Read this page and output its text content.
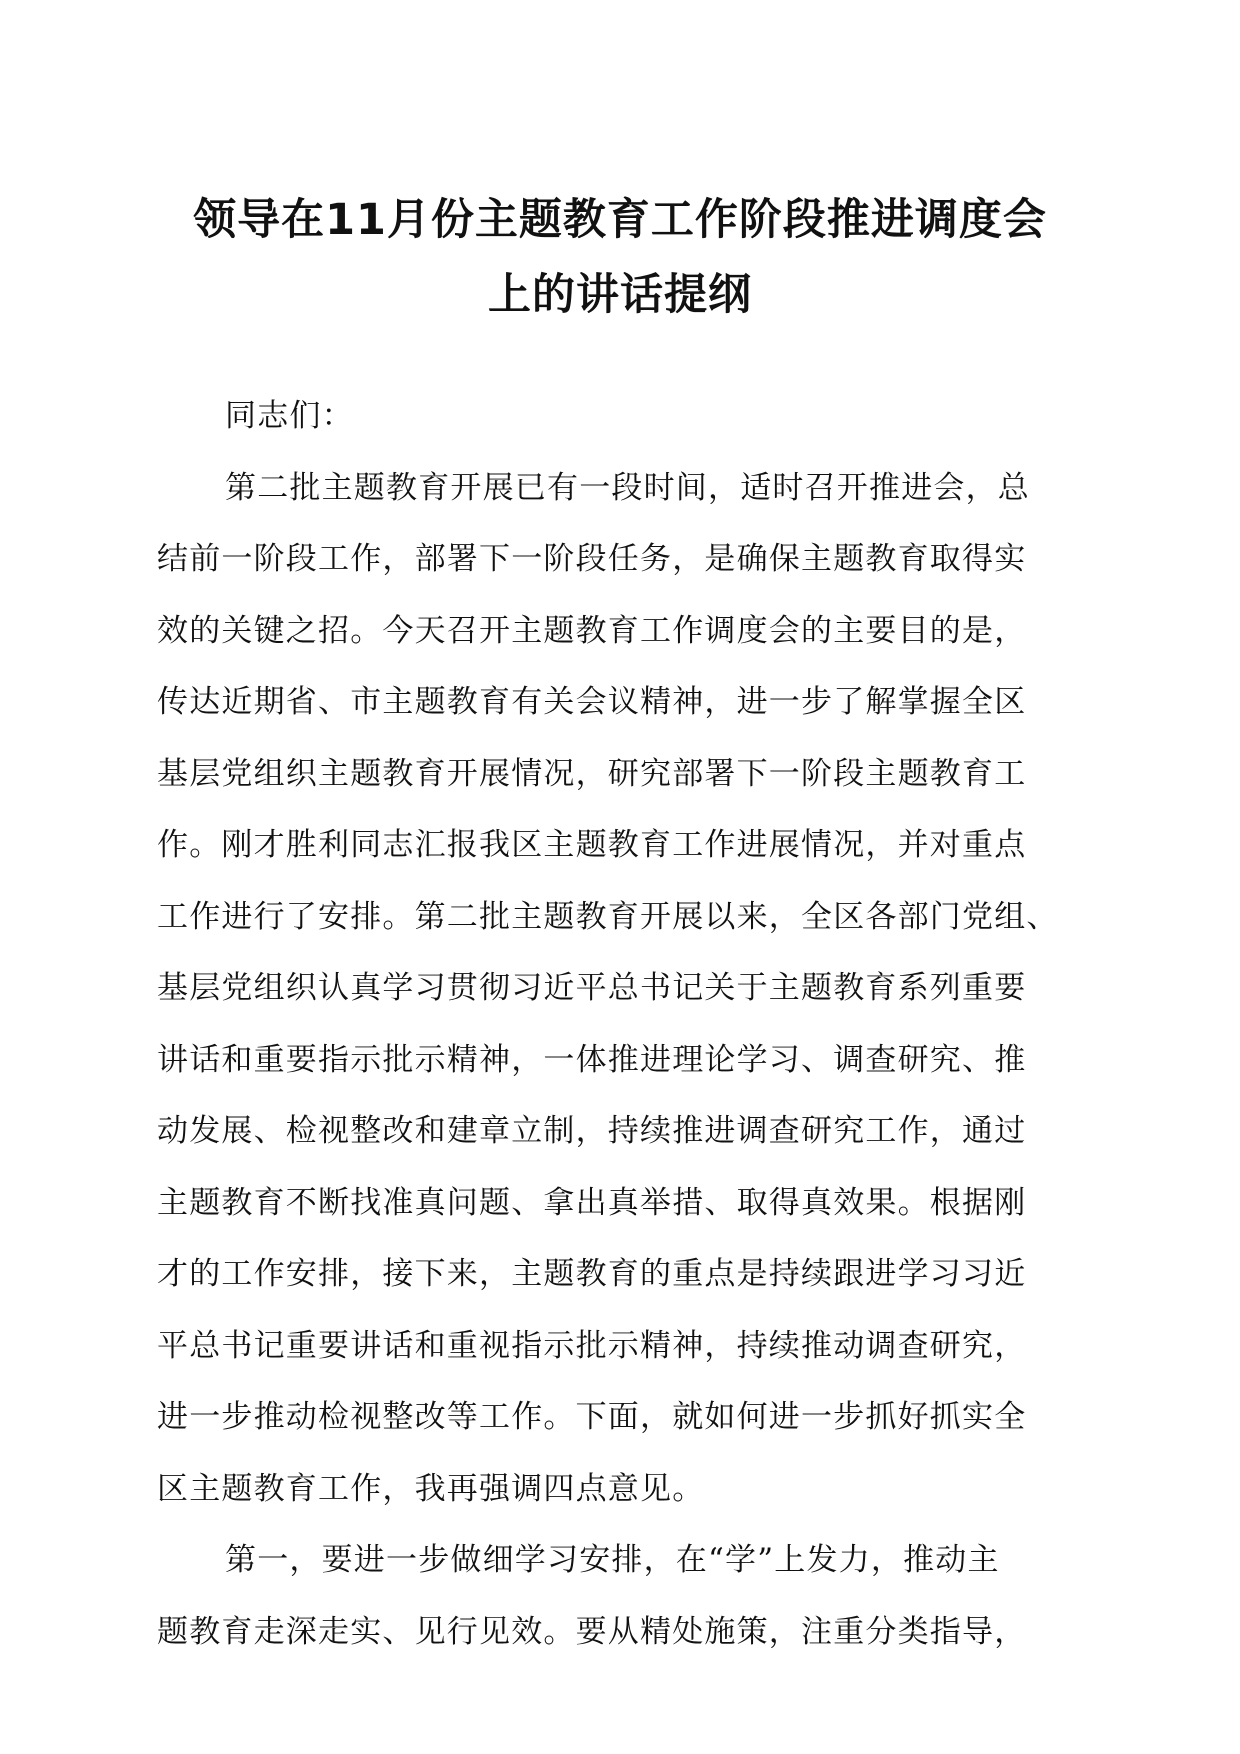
领导在11月份主题教育工作阶段推进调度会
上的讲话提纲
同志们：
第二批主题教育开展已有一段时间，适时召开推进会，总
结前一阶段工作，部署下一阶段任务，是确保主题教育取得实
效的关键之招。今天召开主题教育工作调度会的主要目的是，
传达近期省、市主题教育有关会议精神，进一步了解掌握全区
基层党组织主题教育开展情况，研究部署下一阶段主题教育工
作。刚才胜利同志汇报我区主题教育工作进展情况，并对重点
工作进行了安排。第二批主题教育开展以来，全区各部门党组、
基层党组织认真学习贯彻习近平总书记关于主题教育系列重要
讲话和重要指示批示精神，一体推进理论学习、调查研究、推
动发展、检视整改和建章立制，持续推进调查研究工作，通过
主题教育不断找准真问题、拿出真举措、取得真效果。根据刚
才的工作安排，接下来，主题教育的重点是持续跟进学习习近
平总书记重要讲话和重视指示批示精神，持续推动调查研究，
进一步推动检视整改等工作。下面，就如何进一步抓好抓实全
区主题教育工作，我再强调四点意见。
第一，要进一步做细学习安排，在“学”上发力，推动主
题教育走深走实、见行见效。要从精处施策，注重分类指导，
